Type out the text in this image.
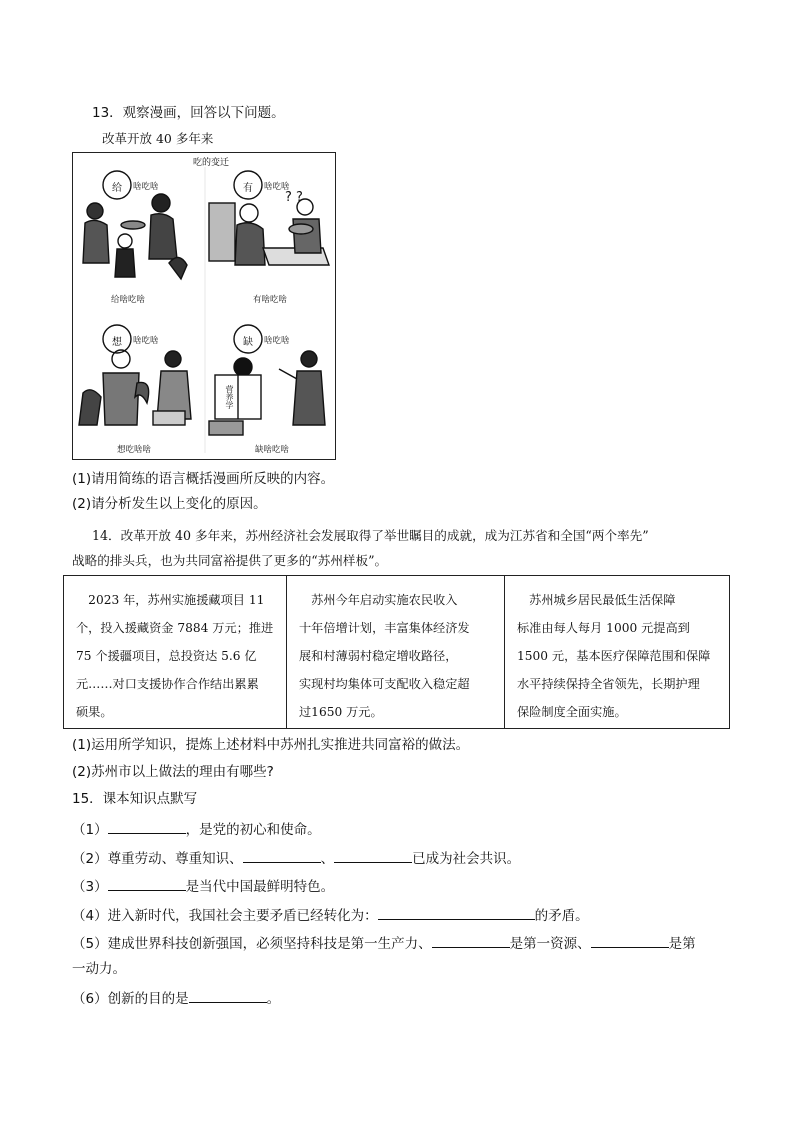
13．观察漫画，回答以下问题。
改革开放 40 多年来
? ?
吃的变迁
给 啥吃啥
给啥吃啥
有 啥吃啥
有啥吃啥
想 啥吃啥
想吃啥啥
缺 啥吃啥
缺啥吃啥
营养学
(1)请用简练的语言概括漫画所反映的内容。
(2)请分析发生以上变化的原因。
14．改革开放 40 多年来，苏州经济社会发展取得了举世瞩目的成就，成为江苏省和全国“两个率先”
战略的排头兵，也为共同富裕提供了更多的“苏州样板”。
　2023 年，苏州实施援藏项目 11
个，投入援藏资金 7884 万元；推进
75 个援疆项目，总投资达 5.6 亿
元……对口支援协作合作结出累累
硕果。
　苏州今年启动实施农民收入
十年倍增计划，丰富集体经济发
展和村薄弱村稳定增收路径，
实现村均集体可支配收入稳定超
过1650 万元。
　苏州城乡居民最低生活保障
标准由每人每月 1000 元提高到
1500 元，基本医疗保障范围和保障
水平持续保持全省领先，长期护理
保险制度全面实施。
(1)运用所学知识，提炼上述材料中苏州扎实推进共同富裕的做法。
(2)苏州市以上做法的理由有哪些?
15．课本知识点默写
（1）	，是党的初心和使命。
（2）尊重劳动、尊重知识、	、	已成为社会共识。
（3）	是当代中国最鲜明特色。
（4）进入新时代，我国社会主要矛盾已经转化为：	的矛盾。
（5）建成世界科技创新强国，必须坚持科技是第一生产力、	是第一资源、	是第
一动力。
（6）创新的目的是	。
